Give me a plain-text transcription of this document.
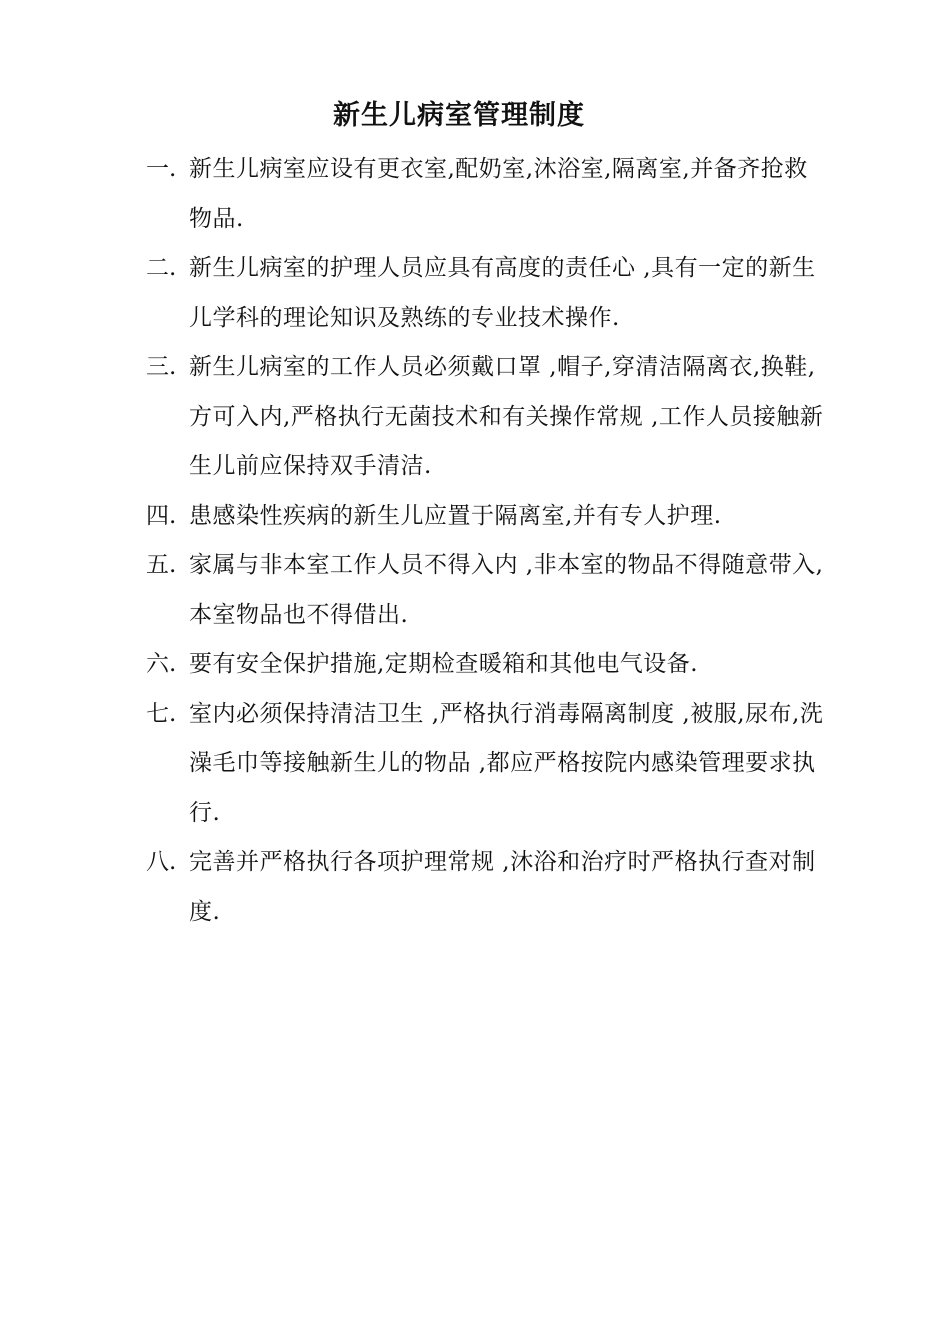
新生儿病室管理制度
一. 新生儿病室应设有更衣室,配奶室,沐浴室,隔离室,并备齐抢救物品.
二. 新生儿病室的护理人员应具有高度的责任心 ,具有一定的新生儿学科的理论知识及熟练的专业技术操作.
三. 新生儿病室的工作人员必须戴口罩 ,帽子,穿清洁隔离衣,换鞋,方可入内,严格执行无菌技术和有关操作常规 ,工作人员接触新生儿前应保持双手清洁.
四. 患感染性疾病的新生儿应置于隔离室,并有专人护理.
五. 家属与非本室工作人员不得入内 ,非本室的物品不得随意带入,本室物品也不得借出.
六. 要有安全保护措施,定期检查暖箱和其他电气设备.
七. 室内必须保持清洁卫生 ,严格执行消毒隔离制度 ,被服,尿布,洗澡毛巾等接触新生儿的物品 ,都应严格按院内感染管理要求执行.
八. 完善并严格执行各项护理常规 ,沐浴和治疗时严格执行查对制度.
